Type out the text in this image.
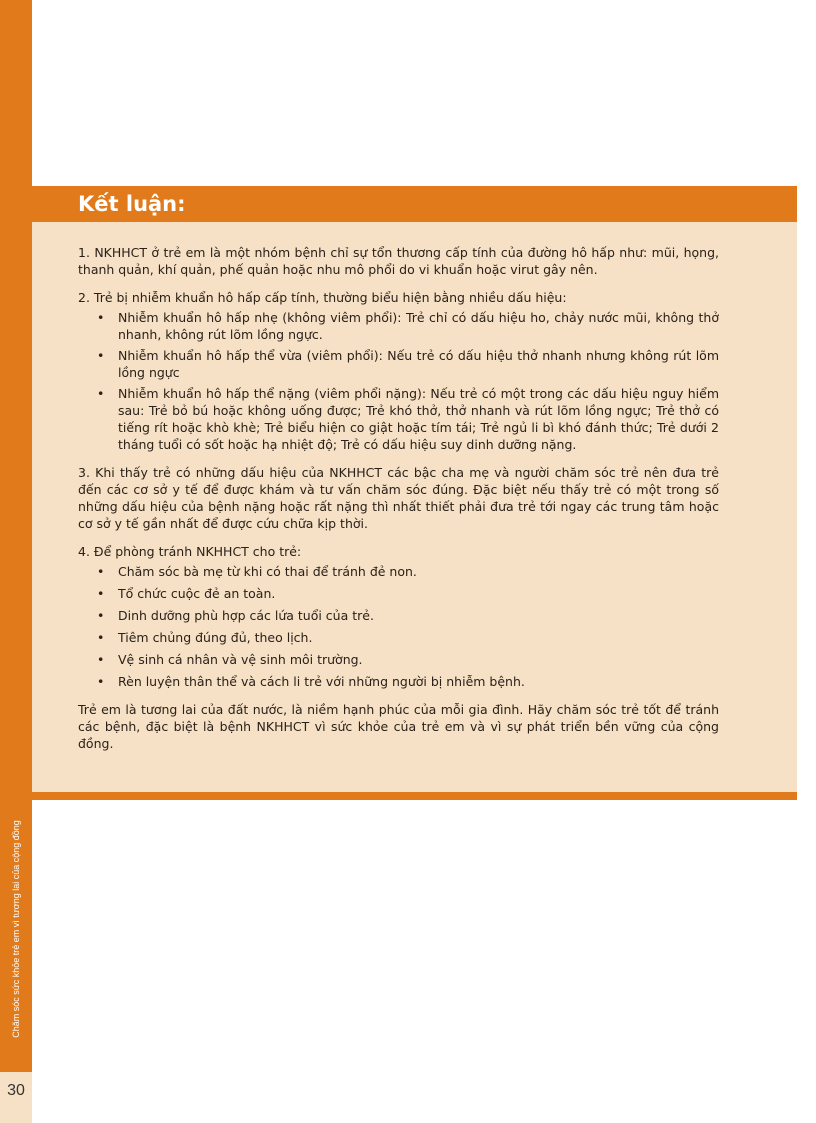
Chăm sóc sức khỏe trẻ em vì tương lai của cộng đồng
30
Kết luận:

1. NKHHCT ở trẻ em là một nhóm bệnh chỉ sự tổn thương cấp tính của đường hô hấp như: mũi, họng, thanh quản, khí quản, phế quản hoặc nhu mô phổi do vi khuẩn hoặc virut gây nên.

2. Trẻ bị nhiễm khuẩn hô hấp cấp tính, thường biểu hiện bằng nhiều dấu hiệu:

• Nhiễm khuẩn hô hấp nhẹ (không viêm phổi): Trẻ chỉ có dấu hiệu ho, chảy nước mũi, không thở nhanh, không rút lõm lồng ngực.
• Nhiễm khuẩn hô hấp thể vừa (viêm phổi): Nếu trẻ có dấu hiệu thở nhanh nhưng không rút lõm lồng ngực
• Nhiễm khuẩn hô hấp thể nặng (viêm phổi nặng): Nếu trẻ có một trong các dấu hiệu nguy hiểm sau: Trẻ bỏ bú hoặc không uống được; Trẻ khó thở, thở nhanh và rút lõm lồng ngực; Trẻ thở có tiếng rít hoặc khò khè; Trẻ biểu hiện co giật hoặc tím tái; Trẻ ngủ li bì khó đánh thức; Trẻ dưới 2 tháng tuổi có sốt hoặc hạ nhiệt độ; Trẻ có dấu hiệu suy dinh dưỡng nặng.

3. Khi thấy trẻ có những dấu hiệu của NKHHCT các bậc cha mẹ và người chăm sóc trẻ nên đưa trẻ đến các cơ sở y tế để được khám và tư vấn chăm sóc đúng. Đặc biệt nếu thấy trẻ có một trong số những dấu hiệu của bệnh nặng hoặc rất nặng thì nhất thiết phải đưa trẻ tới ngay các trung tâm hoặc cơ sở y tế gần nhất để được cứu chữa kịp thời.

4. Để phòng tránh NKHHCT cho trẻ:

• Chăm sóc bà mẹ từ khi có thai để tránh đẻ non.
• Tổ chức cuộc đẻ an toàn.
• Dinh dưỡng phù hợp các lứa tuổi của trẻ.
• Tiêm chủng đúng đủ, theo lịch.
• Vệ sinh cá nhân và vệ sinh môi trường.
• Rèn luyện thân thể và cách li trẻ với những người bị nhiễm bệnh.

Trẻ em là tương lai của đất nước, là niềm hạnh phúc của mỗi gia đình. Hãy chăm sóc trẻ tốt để tránh các bệnh, đặc biệt là bệnh NKHHCT vì sức khỏe của trẻ em và vì sự phát triển bền vững của cộng đồng.
